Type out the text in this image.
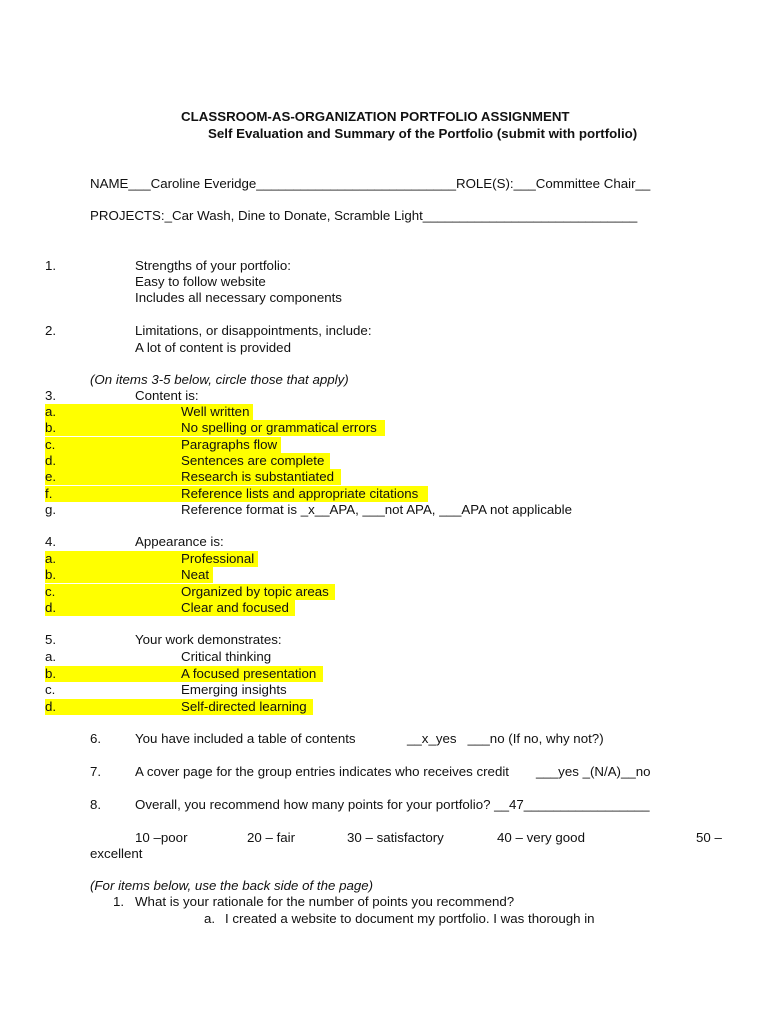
CLASSROOM-AS-ORGANIZATION PORTFOLIO ASSIGNMENT
Self Evaluation and Summary of the Portfolio (submit with portfolio)
NAME___Caroline Everidge___________________________ROLE(S):___Committee Chair__
PROJECTS:_Car Wash, Dine to Donate, Scramble Light_____________________________
1.	Strengths of your portfolio:
Easy to follow website
Includes all necessary components
2.	Limitations, or disappointments, include:
A lot of content is provided
(On items 3-5 below, circle those that apply)
3.	Content is:
a.	Well written
b.	No spelling or grammatical errors
c.	Paragraphs flow
d.	Sentences are complete
e.	Research is substantiated
f.	Reference lists and appropriate citations
g.	Reference format is _x__APA, ___not APA, ___APA not applicable
4.	Appearance is:
a.	Professional
b.	Neat
c.	Organized by topic areas
d.	Clear and focused
5.	Your work demonstrates:
a.	Critical thinking
b.	A focused presentation
c.	Emerging insights
d.	Self-directed learning
6.	You have included a table of contents	__x_yes   ___no (If no, why not?)
7.	A cover page for the group entries indicates who receives credit ___yes _(N/A)__no
8.	Overall, you recommend how many points for your portfolio? __47_________________
10 –poor	20 – fair	30 – satisfactory	40 – very good	50 –
excellent
(For items below, use the back side of the page)
1. What is your rationale for the number of points you recommend?
a. I created a website to document my portfolio. I was thorough in
